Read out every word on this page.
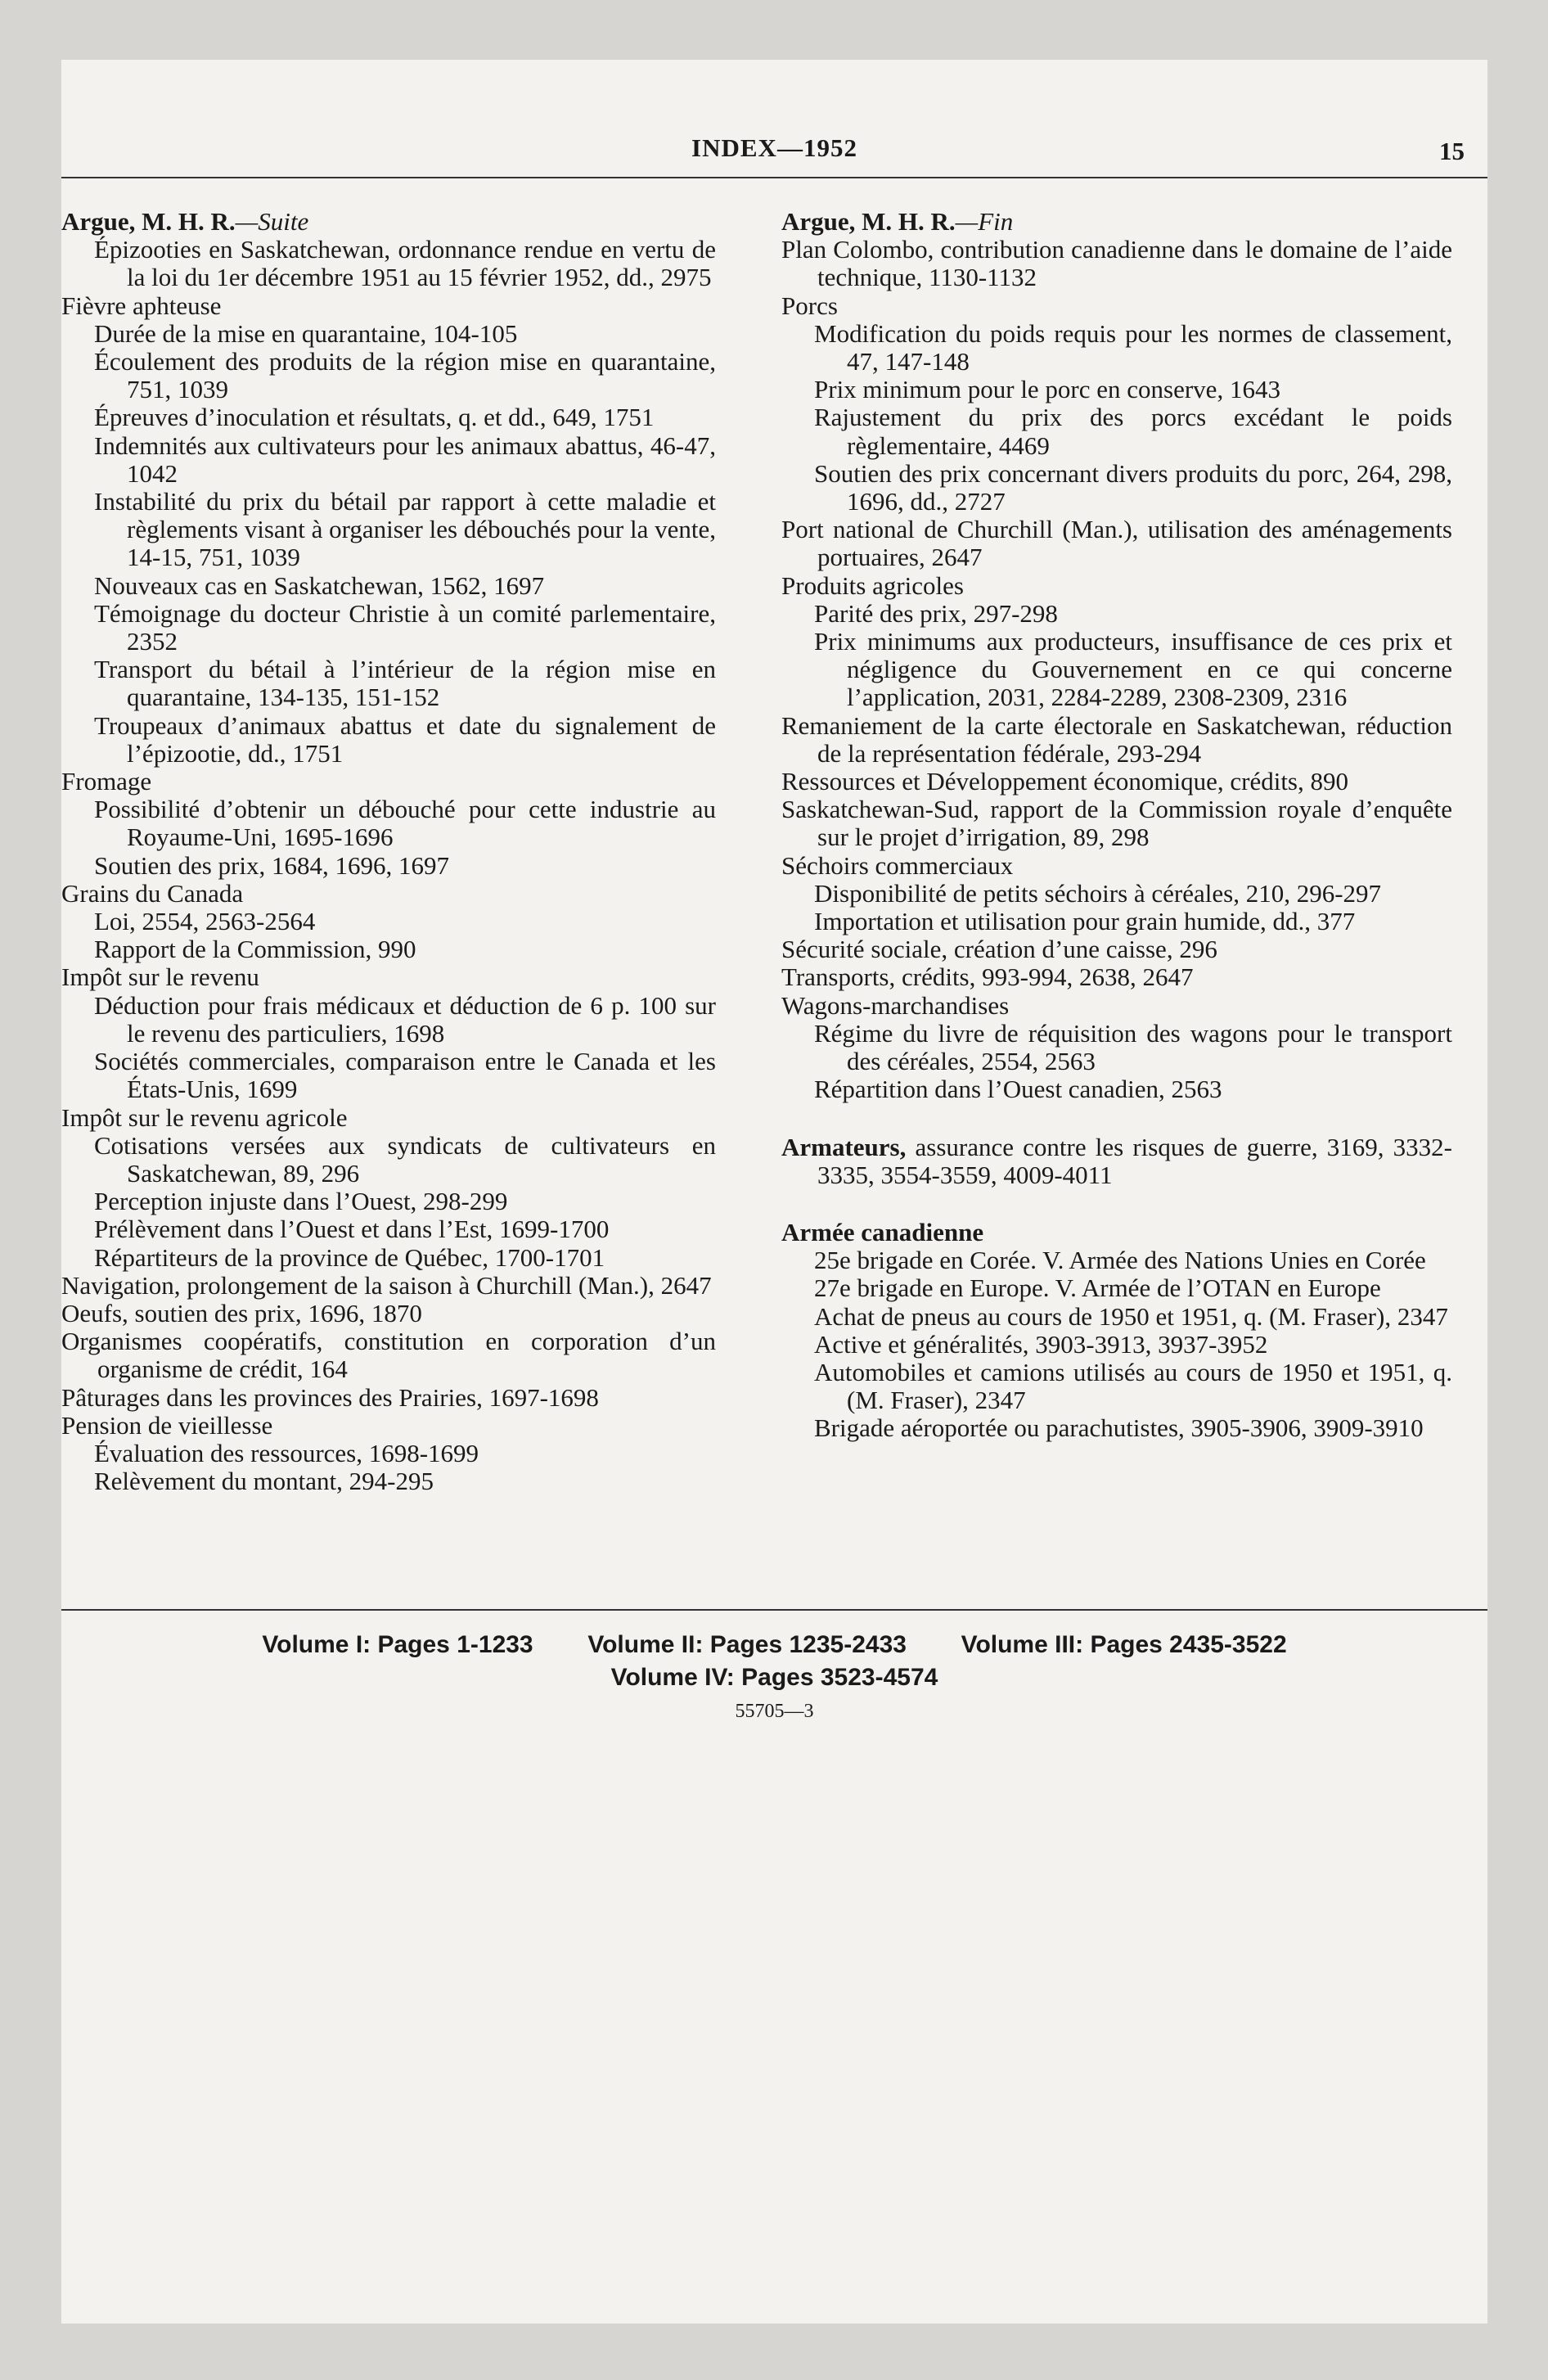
INDEX—1952	15

Argue, M. H. R.—Suite

Épizooties en Saskatchewan, ordonnance rendue en vertu de la loi du 1er décembre 1951 au 15 février 1952, dd., 2975

Fièvre aphteuse

Durée de la mise en quarantaine, 104-105

Écoulement des produits de la région mise en quarantaine, 751, 1039

Épreuves d’inoculation et résultats, q. et dd., 649, 1751

Indemnités aux cultivateurs pour les animaux abattus, 46-47, 1042

Instabilité du prix du bétail par rapport à cette maladie et règlements visant à organiser les débouchés pour la vente, 14-15, 751, 1039

Nouveaux cas en Saskatchewan, 1562, 1697

Témoignage du docteur Christie à un comité parlementaire, 2352

Transport du bétail à l’intérieur de la région mise en quarantaine, 134-135, 151-152

Troupeaux d’animaux abattus et date du signalement de l’épizootie, dd., 1751

Fromage

Possibilité d’obtenir un débouché pour cette industrie au Royaume-Uni, 1695-1696

Soutien des prix, 1684, 1696, 1697

Grains du Canada

Loi, 2554, 2563-2564

Rapport de la Commission, 990

Impôt sur le revenu

Déduction pour frais médicaux et déduction de 6 p. 100 sur le revenu des particuliers, 1698

Sociétés commerciales, comparaison entre le Canada et les États-Unis, 1699

Impôt sur le revenu agricole

Cotisations versées aux syndicats de cultivateurs en Saskatchewan, 89, 296

Perception injuste dans l’Ouest, 298-299

Prélèvement dans l’Ouest et dans l’Est, 1699-1700

Répartiteurs de la province de Québec, 1700-1701

Navigation, prolongement de la saison à Churchill (Man.), 2647

Oeufs, soutien des prix, 1696, 1870

Organismes coopératifs, constitution en corporation d’un organisme de crédit, 164

Pâturages dans les provinces des Prairies, 1697-1698

Pension de vieillesse

Évaluation des ressources, 1698-1699

Relèvement du montant, 294-295

Argue, M. H. R.—Fin

Plan Colombo, contribution canadienne dans le domaine de l’aide technique, 1130-1132

Porcs

Modification du poids requis pour les normes de classement, 47, 147-148

Prix minimum pour le porc en conserve, 1643

Rajustement du prix des porcs excédant le poids règlementaire, 4469

Soutien des prix concernant divers produits du porc, 264, 298, 1696, dd., 2727

Port national de Churchill (Man.), utilisation des aménagements portuaires, 2647

Produits agricoles

Parité des prix, 297-298

Prix minimums aux producteurs, insuffisance de ces prix et négligence du Gouvernement en ce qui concerne l’application, 2031, 2284-2289, 2308-2309, 2316

Remaniement de la carte électorale en Saskatchewan, réduction de la représentation fédérale, 293-294

Ressources et Développement économique, crédits, 890

Saskatchewan-Sud, rapport de la Commission royale d’enquête sur le projet d’irrigation, 89, 298

Séchoirs commerciaux

Disponibilité de petits séchoirs à céréales, 210, 296-297

Importation et utilisation pour grain humide, dd., 377

Sécurité sociale, création d’une caisse, 296

Transports, crédits, 993-994, 2638, 2647

Wagons-marchandises

Régime du livre de réquisition des wagons pour le transport des céréales, 2554, 2563

Répartition dans l’Ouest canadien, 2563

Armateurs, assurance contre les risques de guerre, 3169, 3332-3335, 3554-3559, 4009-4011

Armée canadienne

25e brigade en Corée. V. Armée des Nations Unies en Corée

27e brigade en Europe. V. Armée de l’OTAN en Europe

Achat de pneus au cours de 1950 et 1951, q. (M. Fraser), 2347

Active et généralités, 3903-3913, 3937-3952

Automobiles et camions utilisés au cours de 1950 et 1951, q. (M. Fraser), 2347

Brigade aéroportée ou parachutistes, 3905-3906, 3909-3910

Volume I: Pages 1-1233 Volume II: Pages 1235-2433 Volume III: Pages 2435-3522
Volume IV: Pages 3523-4574
55705—3
